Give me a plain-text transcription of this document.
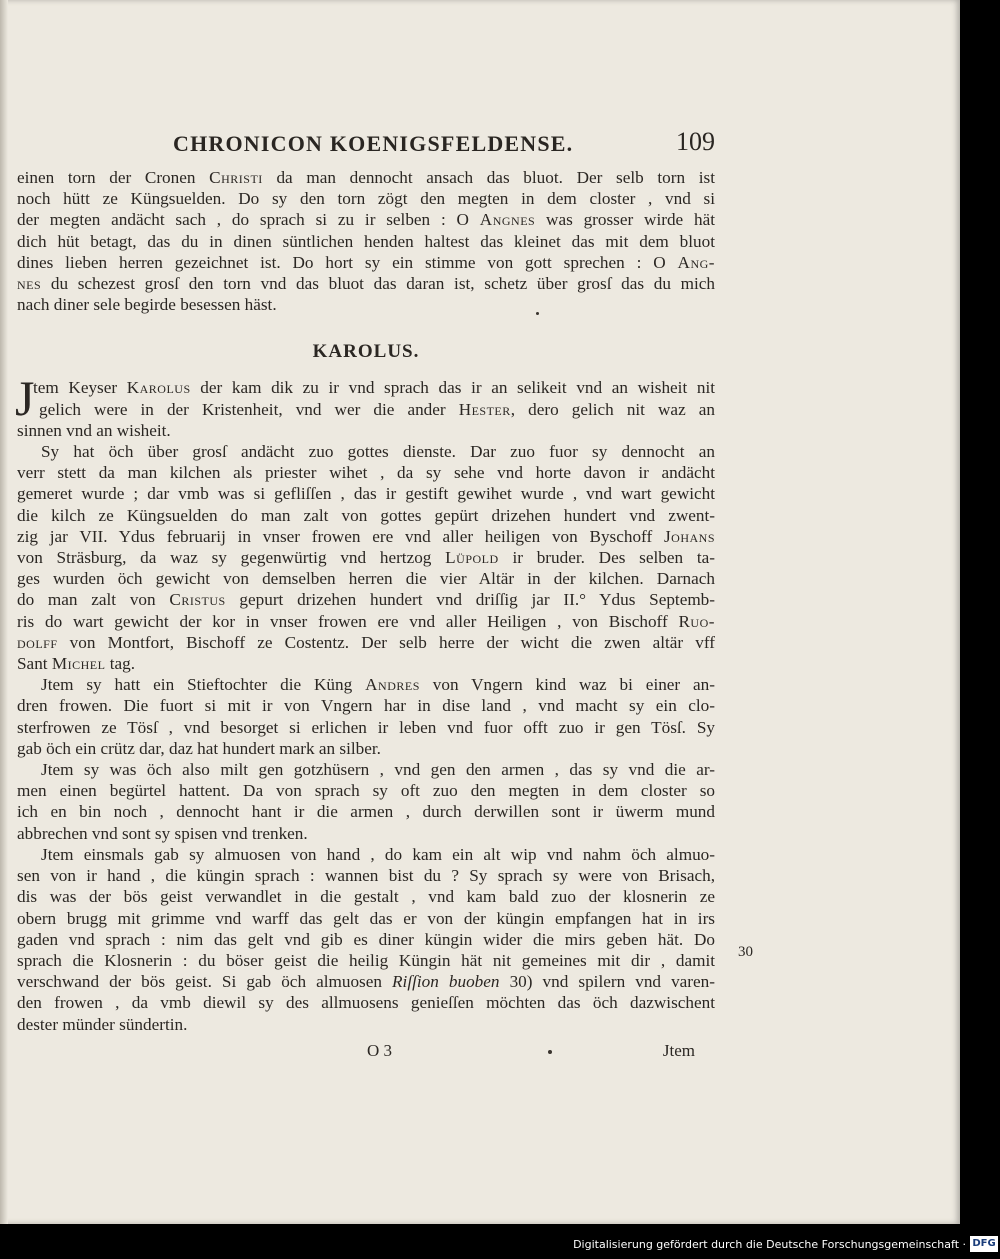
CHRONICON KOENIGSFELDENSE.	109

einen torn der Cronen Christi da man dennocht ansach das bluot. Der selb torn ist
noch hütt ze Küngsuelden. Do sy den torn zögt den megten in dem closter , vnd si
der megten andächt sach , do sprach si zu ir selben : O Angnes was grosser wirde hät
dich hüt betagt, das du in dinen süntlichen henden haltest das kleinet das mit dem bluot
dines lieben herren gezeichnet ist. Do hort sy ein stimme von gott sprechen : O Ang-
nes du schezest grosſ den torn vnd das bluot das daran ist, schetz über grosſ das du mich
nach diner sele begirde besessen häst.

KAROLUS.

J
tem Keyser Karolus der kam dik zu ir vnd sprach das ir an selikeit vnd an wisheit nit
gelich were in der Kristenheit, vnd wer die ander Hester, dero gelich nit waz an
sinnen vnd an wisheit.

Sy hat öch über grosſ andächt zuo gottes dienste. Dar zuo fuor sy dennocht an
verr stett da man kilchen als priester wihet , da sy sehe vnd horte davon ir andächt
gemeret wurde ; dar vmb was si gefliſſen , das ir gestift gewihet wurde , vnd wart gewicht
die kilch ze Küngsuelden do man zalt von gottes gepürt drizehen hundert vnd zwent-
zig jar VII. Ydus februarij in vnser frowen ere vnd aller heiligen von Byschoff Johans
von Sträsburg, da waz sy gegenwürtig vnd hertzog Lüpold ir bruder. Des selben ta-
ges wurden öch gewicht von demselben herren die vier Altär in der kilchen. Darnach
do man zalt von Cristus gepurt drizehen hundert vnd driſſig jar II.° Ydus Septemb-
ris do wart gewicht der kor in vnser frowen ere vnd aller Heiligen , von Bischoff Ruo-
dolff von Montfort, Bischoff ze Costentz. Der selb herre der wicht die zwen altär vff
Sant Michel tag.

Jtem sy hatt ein Stieftochter die Küng Andres von Vngern kind waz bi einer an-
dren frowen. Die fuort si mit ir von Vngern har in dise land , vnd macht sy ein clo-
sterfrowen ze Tösſ , vnd besorget si erlichen ir leben vnd fuor offt zuo ir gen Tösſ. Sy
gab öch ein crütz dar, daz hat hundert mark an silber.

Jtem sy was öch also milt gen gotzhüsern , vnd gen den armen , das sy vnd die ar-
men einen begürtel hattent. Da von sprach sy oft zuo den megten in dem closter so
ich en bin noch , dennocht hant ir die armen , durch derwillen sont ir üwerm mund
abbrechen vnd sont sy spisen vnd trenken.

Jtem einsmals gab sy almuosen von hand , do kam ein alt wip vnd nahm öch almuo-
sen von ir hand , die küngin sprach : wannen bist du ? Sy sprach sy were von Brisach,
dis was der bös geist verwandlet in die gestalt , vnd kam bald zuo der klosnerin ze
obern brugg mit grimme vnd warff das gelt das er von der küngin empfangen hat in irs
gaden vnd sprach : nim das gelt vnd gib es diner küngin wider die mirs geben hät. Do
sprach die Klosnerin : du böser geist die heilig Küngin hät nit gemeines mit dir , damit
verschwand der bös geist. Si gab öch almuosen Riſſion buoben 30) vnd spilern vnd varen-
den frowen , da vmb diewil sy des allmuosens genieſſen möchten das öch dazwischent
dester münder sündertin.

O 3	Jtem
30
Digitalisierung gefördert durch die Deutsche Forschungsgemeinschaft · DFG
